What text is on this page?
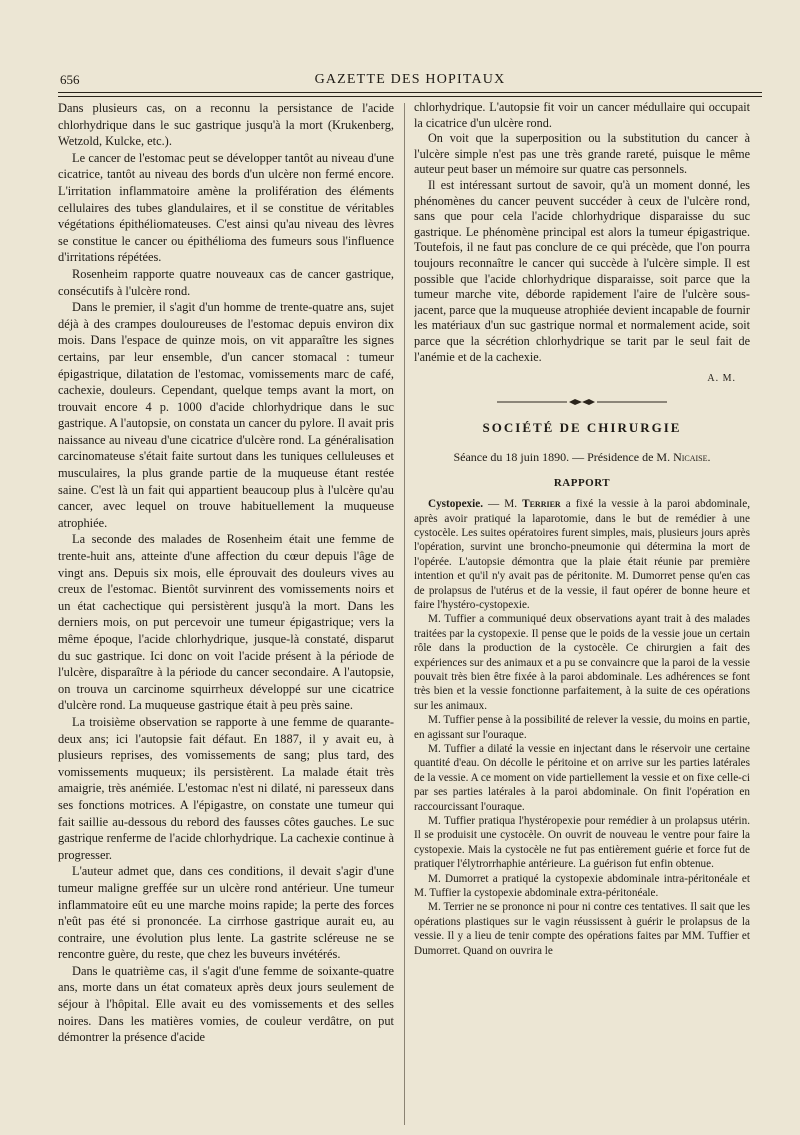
656	GAZETTE DES HOPITAUX

Dans plusieurs cas, on a reconnu la persistance de l'acide chlorhydrique dans le suc gastrique jusqu'à la mort (Krukenberg, Wetzold, Kulcke, etc.).

Le cancer de l'estomac peut se développer tantôt au niveau d'une cicatrice, tantôt au niveau des bords d'un ulcère non fermé encore. L'irritation inflammatoire amène la prolifération des éléments cellulaires des tubes glandulaires, et il se constitue de véritables végétations épithéliomateuses. C'est ainsi qu'au niveau des lèvres se constitue le cancer ou épithélioma des fumeurs sous l'influence d'irritations répétées.

Rosenheim rapporte quatre nouveaux cas de cancer gastrique, consécutifs à l'ulcère rond.

Dans le premier, il s'agit d'un homme de trente-quatre ans, sujet déjà à des crampes douloureuses de l'estomac depuis environ dix mois. Dans l'espace de quinze mois, on vit apparaître les signes certains, par leur ensemble, d'un cancer stomacal : tumeur épigastrique, dilatation de l'estomac, vomissements marc de café, cachexie, douleurs. Cependant, quelque temps avant la mort, on trouvait encore 4 p. 1000 d'acide chlorhydrique dans le suc gastrique. A l'autopsie, on constata un cancer du pylore. Il avait pris naissance au niveau d'une cicatrice d'ulcère rond. La généralisation carcinomateuse s'était faite surtout dans les tuniques celluleuses et musculaires, la plus grande partie de la muqueuse étant restée saine. C'est là un fait qui appartient beaucoup plus à l'ulcère qu'au cancer, avec lequel on trouve habituellement la muqueuse atrophiée.

La seconde des malades de Rosenheim était une femme de trente-huit ans, atteinte d'une affection du cœur depuis l'âge de vingt ans. Depuis six mois, elle éprouvait des douleurs vives au creux de l'estomac. Bientôt survinrent des vomissements noirs et un état cachectique qui persistèrent jusqu'à la mort. Dans les derniers mois, on put percevoir une tumeur épigastrique; vers la même époque, l'acide chlorhydrique, jusque-là constaté, disparut du suc gastrique. Ici donc on voit l'acide présent à la période de l'ulcère, disparaître à la période du cancer secondaire. A l'autopsie, on trouva un carcinome squirrheux développé sur une cicatrice d'ulcère rond. La muqueuse gastrique était à peu près saine.

La troisième observation se rapporte à une femme de quarante-deux ans; ici l'autopsie fait défaut. En 1887, il y avait eu, à plusieurs reprises, des vomissements de sang; plus tard, des vomissements muqueux; ils persistèrent. La malade était très amaigrie, très anémiée. L'estomac n'est ni dilaté, ni paresseux dans ses fonctions motrices. A l'épigastre, on constate une tumeur qui fait saillie au-dessous du rebord des fausses côtes gauches. Le suc gastrique renferme de l'acide chlorhydrique. La cachexie continue à progresser.

L'auteur admet que, dans ces conditions, il devait s'agir d'une tumeur maligne greffée sur un ulcère rond antérieur. Une tumeur inflammatoire eût eu une marche moins rapide; la perte des forces n'eût pas été si prononcée. La cirrhose gastrique aurait eu, au contraire, une évolution plus lente. La gastrite scléreuse ne se rencontre guère, du reste, que chez les buveurs invétérés.

Dans le quatrième cas, il s'agit d'une femme de soixante-quatre ans, morte dans un état comateux après deux jours seulement de séjour à l'hôpital. Elle avait eu des vomissements et des selles noires. Dans les matières vomies, de couleur verdâtre, on put démontrer la présence d'acide

chlorhydrique. L'autopsie fit voir un cancer médullaire qui occupait la cicatrice d'un ulcère rond.

On voit que la superposition ou la substitution du cancer à l'ulcère simple n'est pas une très grande rareté, puisque le même auteur peut baser un mémoire sur quatre cas personnels.

Il est intéressant surtout de savoir, qu'à un moment donné, les phénomènes du cancer peuvent succéder à ceux de l'ulcère rond, sans que pour cela l'acide chlorhydrique disparaisse du suc gastrique. Le phénomène principal est alors la tumeur épigastrique. Toutefois, il ne faut pas conclure de ce qui précède, que l'on pourra toujours reconnaître le cancer qui succède à l'ulcère simple. Il est possible que l'acide chlorhydrique disparaisse, soit parce que la tumeur marche vite, déborde rapidement l'aire de l'ulcère sous-jacent, parce que la muqueuse atrophiée devient incapable de fournir les matériaux d'un suc gastrique normal et normalement acide, soit parce que la sécrétion chlorhydrique se tarit par le seul fait de l'anémie et de la cachexie.

A. M.
SOCIÉTÉ DE CHIRURGIE
Séance du 18 juin 1890. — Présidence de M. Nicaise.
RAPPORT

Cystopexie. — M. Terrier a fixé la vessie à la paroi abdominale, après avoir pratiqué la laparotomie, dans le but de remédier à une cystocèle. Les suites opératoires furent simples, mais, plusieurs jours après l'opération, survint une broncho-pneumonie qui détermina la mort de l'opérée. L'autopsie démontra que la plaie était réunie par première intention et qu'il n'y avait pas de péritonite. M. Dumorret pense qu'en cas de prolapsus de l'utérus et de la vessie, il faut opérer de bonne heure et faire l'hystéro-cystopexie.

M. Tuffier a communiqué deux observations ayant trait à des malades traitées par la cystopexie. Il pense que le poids de la vessie joue un certain rôle dans la production de la cystocèle. Ce chirurgien a fait des expériences sur des animaux et a pu se convaincre que la paroi de la vessie pouvait très bien être fixée à la paroi abdominale. Les adhérences se font très bien et la vessie fonctionne parfaitement, à la suite de ces opérations sur les animaux.

M. Tuffier pense à la possibilité de relever la vessie, du moins en partie, en agissant sur l'ouraque.

M. Tuffier a dilaté la vessie en injectant dans le réservoir une certaine quantité d'eau. On décolle le péritoine et on arrive sur les parties latérales de la vessie. A ce moment on vide partiellement la vessie et on fixe celle-ci par ses parties latérales à la paroi abdominale. On finit l'opération en raccourcissant l'ouraque.

M. Tuffier pratiqua l'hystéropexie pour remédier à un prolapsus utérin. Il se produisit une cystocèle. On ouvrit de nouveau le ventre pour faire la cystopexie. Mais la cystocèle ne fut pas entièrement guérie et force fut de pratiquer l'élytrorrhaphie antérieure. La guérison fut enfin obtenue.

M. Dumorret a pratiqué la cystopexie abdominale intra-péritonéale et M. Tuffier la cystopexie abdominale extra-péritonéale.

M. Terrier ne se prononce ni pour ni contre ces tentatives. Il sait que les opérations plastiques sur le vagin réussissent à guérir le prolapsus de la vessie. Il y a lieu de tenir compte des opérations faites par MM. Tuffier et Dumorret. Quand on ouvrira le
